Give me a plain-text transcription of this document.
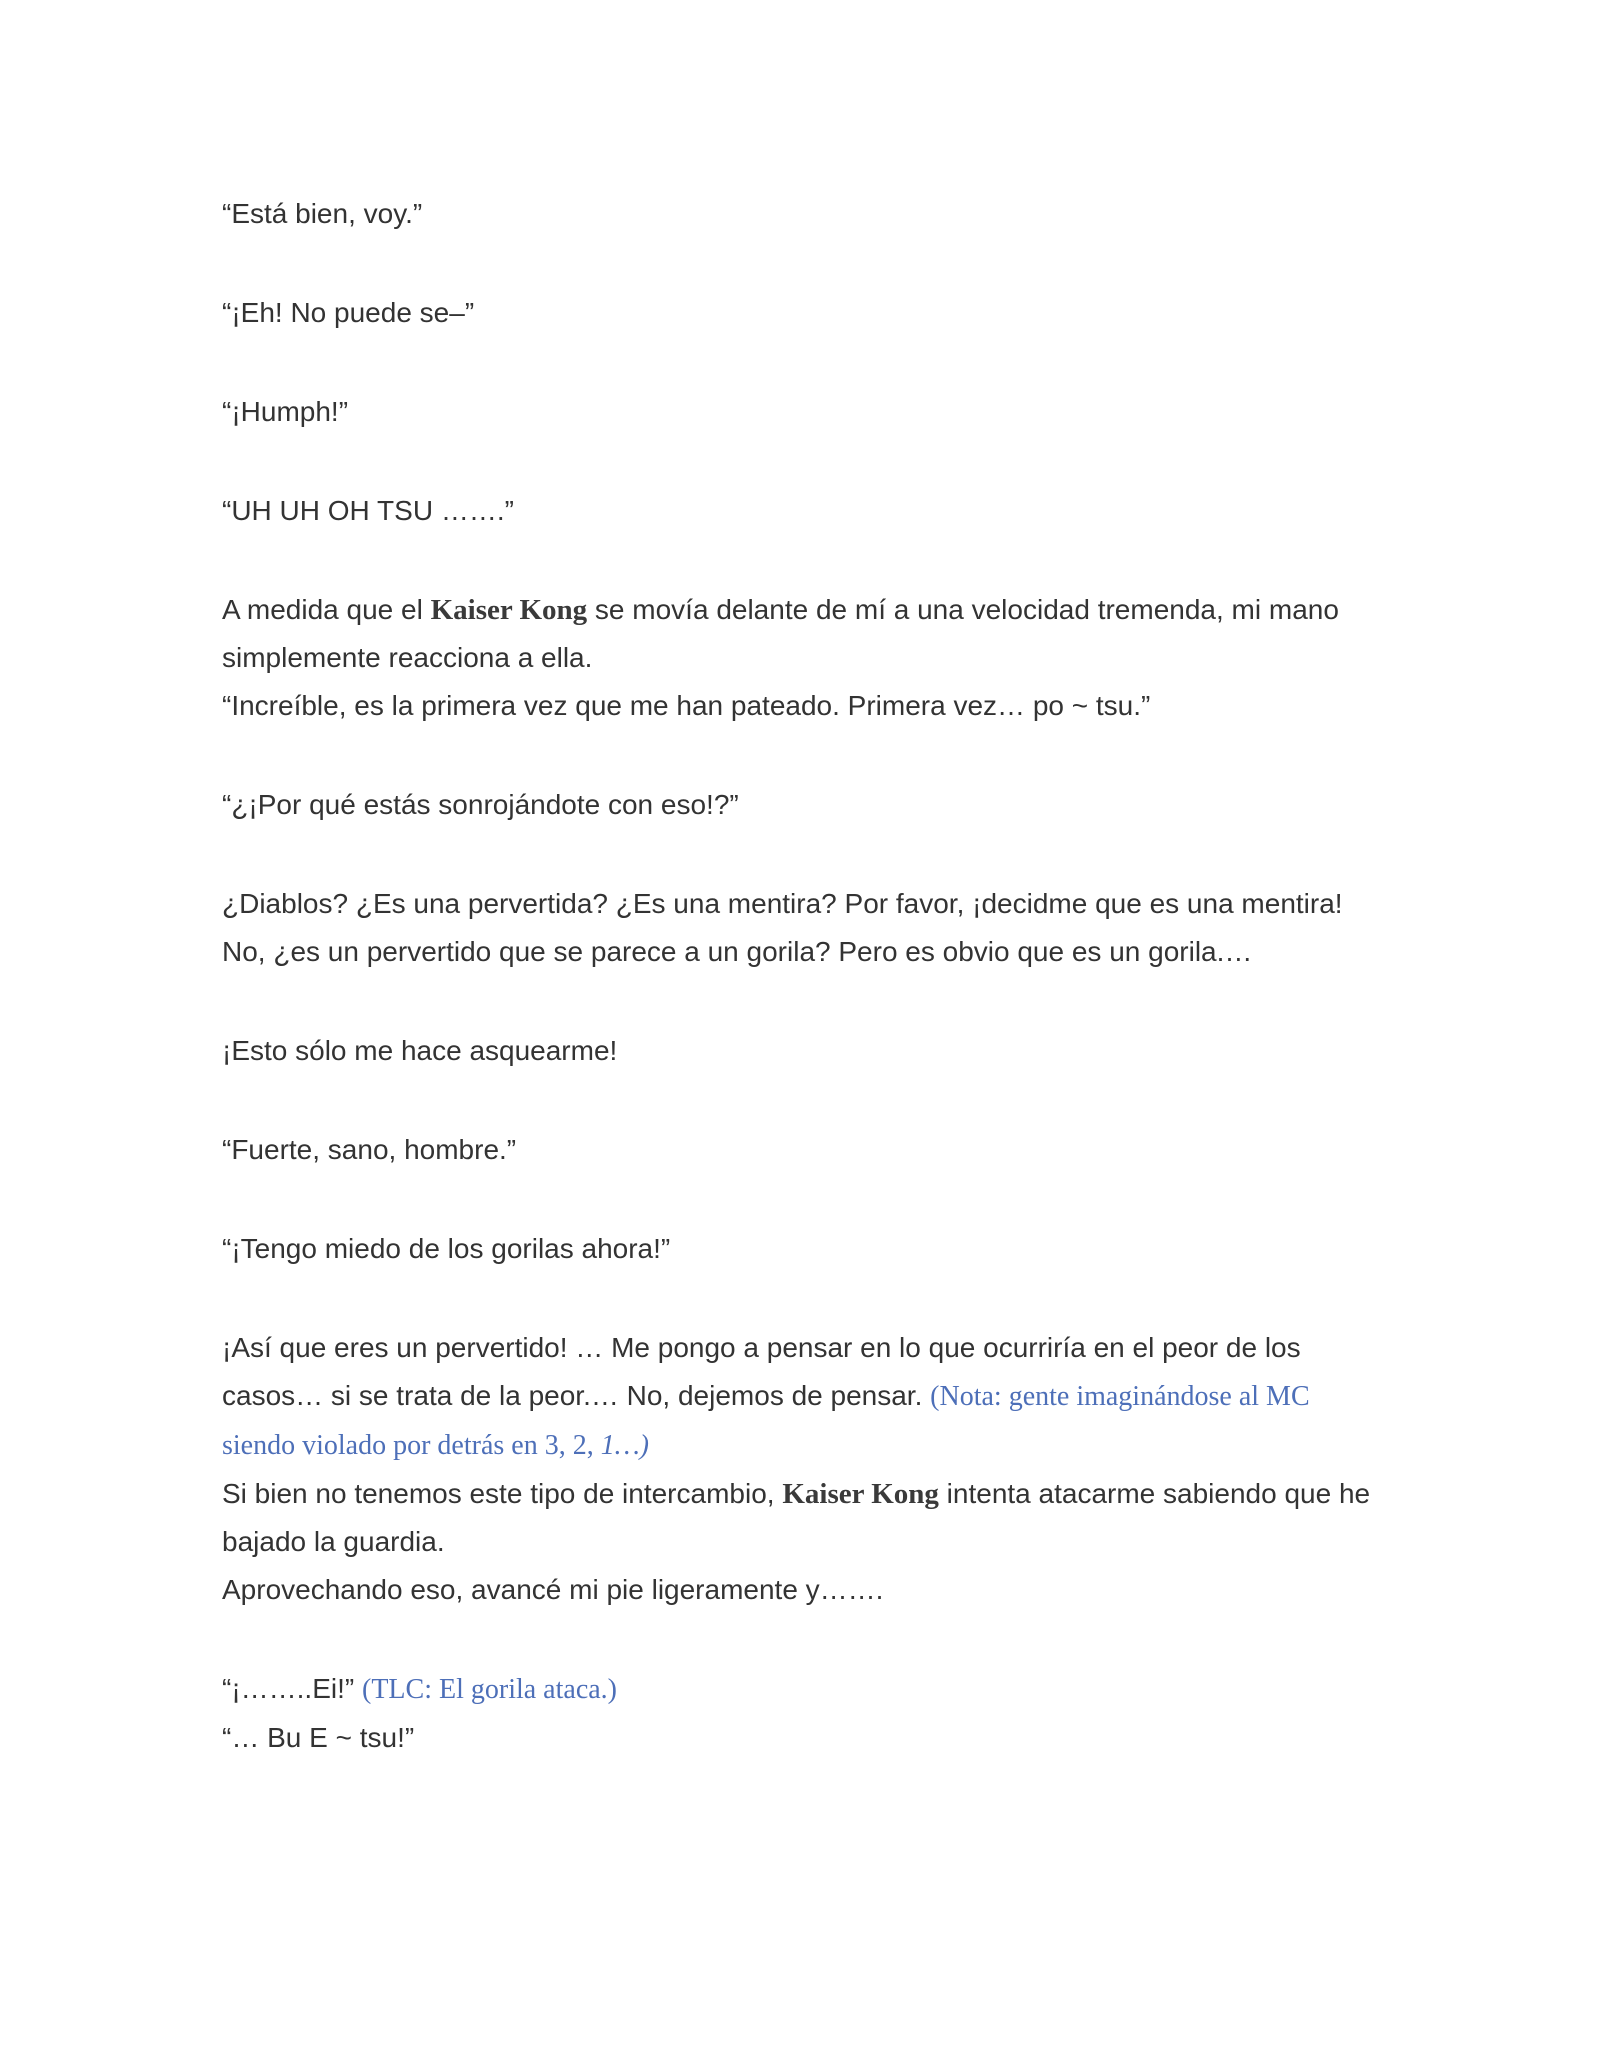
“Está bien, voy.”

“¡Eh! No puede se–”

“¡Humph!”

“UH UH OH TSU …….”

A medida que el Kaiser Kong se movía delante de mí a una velocidad tremenda, mi mano simplemente reacciona a ella.

“Increíble, es la primera vez que me han pateado. Primera vez… po ~ tsu.”

“¿¡Por qué estás sonrojándote con eso!?”

¿Diablos? ¿Es una pervertida? ¿Es una mentira? Por favor, ¡decidme que es una mentira! No, ¿es un pervertido que se parece a un gorila? Pero es obvio que es un gorila.…

¡Esto sólo me hace asquearme!

“Fuerte, sano, hombre.”

“¡Tengo miedo de los gorilas ahora!”

¡Así que eres un pervertido! … Me pongo a pensar en lo que ocurriría en el peor de los casos… si se trata de la peor.… No, dejemos de pensar. (Nota: gente imaginándose al MC siendo violado por detrás en 3, 2, 1…)

Si bien no tenemos este tipo de intercambio, Kaiser Kong intenta atacarme sabiendo que he bajado la guardia.

Aprovechando eso, avancé mi pie ligeramente y…….

“¡……..Ei!” (TLC: El gorila ataca.)

“… Bu E ~ tsu!”
